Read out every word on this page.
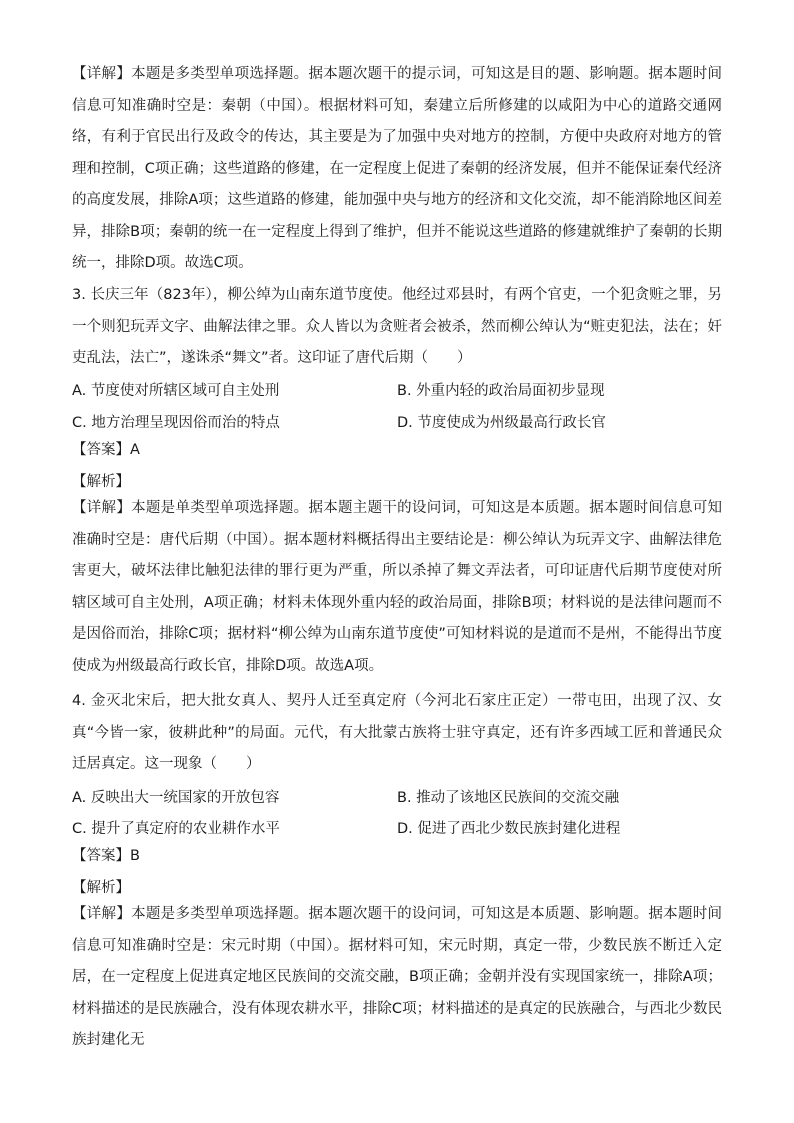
【详解】本题是多类型单项选择题。据本题次题干的提示词，可知这是目的题、影响题。据本题时间信息可知准确时空是：秦朝（中国）。根据材料可知，秦建立后所修建的以咸阳为中心的道路交通网络，有利于官民出行及政令的传达，其主要是为了加强中央对地方的控制，方便中央政府对地方的管理和控制，C项正确；这些道路的修建，在一定程度上促进了秦朝的经济发展，但并不能保证秦代经济的高度发展，排除A项；这些道路的修建，能加强中央与地方的经济和文化交流，却不能消除地区间差异，排除B项；秦朝的统一在一定程度上得到了维护，但并不能说这些道路的修建就维护了秦朝的长期统一，排除D项。故选C项。
3. 长庆三年（823年），柳公绰为山南东道节度使。他经过邓县时，有两个官吏，一个犯贪赃之罪，另一个则犯玩弄文字、曲解法律之罪。众人皆以为贪赃者会被杀，然而柳公绰认为“赃吏犯法，法在；奸吏乱法，法亡”，遂诛杀“舞文”者。这印证了唐代后期（　　）
A. 节度使对所辖区域可自主处刑	B. 外重内轻的政治局面初步显现
C. 地方治理呈现因俗而治的特点	D. 节度使成为州级最高行政长官
【答案】A
【解析】
【详解】本题是单类型单项选择题。据本题主题干的设问词，可知这是本质题。据本题时间信息可知准确时空是：唐代后期（中国）。据本题材料概括得出主要结论是：柳公绰认为玩弄文字、曲解法律危害更大，破坏法律比触犯法律的罪行更为严重，所以杀掉了舞文弄法者，可印证唐代后期节度使对所辖区域可自主处刑，A项正确；材料未体现外重内轻的政治局面，排除B项；材料说的是法律问题而不是因俗而治，排除C项；据材料“柳公绰为山南东道节度使”可知材料说的是道而不是州，不能得出节度使成为州级最高行政长官，排除D项。故选A项。
4. 金灭北宋后，把大批女真人、契丹人迁至真定府（今河北石家庄正定）一带屯田，出现了汉、女真“今皆一家，彼耕此种”的局面。元代，有大批蒙古族将士驻守真定，还有许多西域工匠和普通民众迁居真定。这一现象（　　）
A. 反映出大一统国家的开放包容	B. 推动了该地区民族间的交流交融
C. 提升了真定府的农业耕作水平	D. 促进了西北少数民族封建化进程
【答案】B
【解析】
【详解】本题是多类型单项选择题。据本题次题干的设问词，可知这是本质题、影响题。据本题时间信息可知准确时空是：宋元时期（中国）。据材料可知，宋元时期，真定一带，少数民族不断迁入定居，在一定程度上促进真定地区民族间的交流交融，B项正确；金朝并没有实现国家统一，排除A项；材料描述的是民族融合，没有体现农耕水平，排除C项；材料描述的是真定的民族融合，与西北少数民族封建化无
